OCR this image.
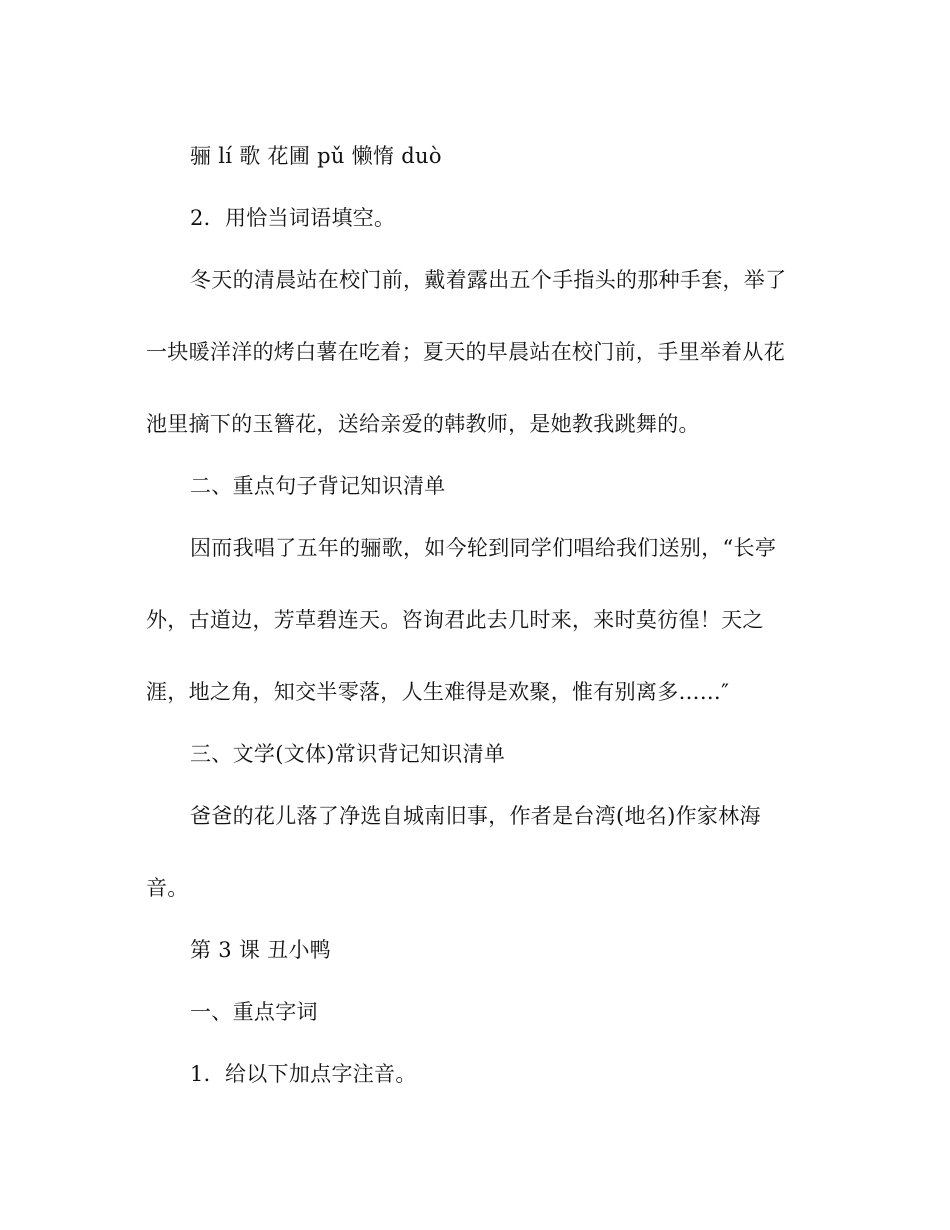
骊 lí 歌 花圃 pǔ 懒惰 duò
2．用恰当词语填空。
冬天的清晨站在校门前，戴着露出五个手指头的那种手套，举了
一块暖洋洋的烤白薯在吃着；夏天的早晨站在校门前，手里举着从花
池里摘下的玉簪花，送给亲爱的韩教师，是她教我跳舞的。
二、重点句子背记知识清单
因而我唱了五年的骊歌，如今轮到同学们唱给我们送别，“长亭
外，古道边，芳草碧连天。咨询君此去几时来，来时莫彷徨！天之
涯，地之角，知交半零落，人生难得是欢聚，惟有别离多……″
三、文学(文体)常识背记知识清单
爸爸的花儿落了净选自城南旧事，作者是台湾(地名)作家林海
音。
第 3 课 丑小鸭
一、重点字词
1．给以下加点字注音。
